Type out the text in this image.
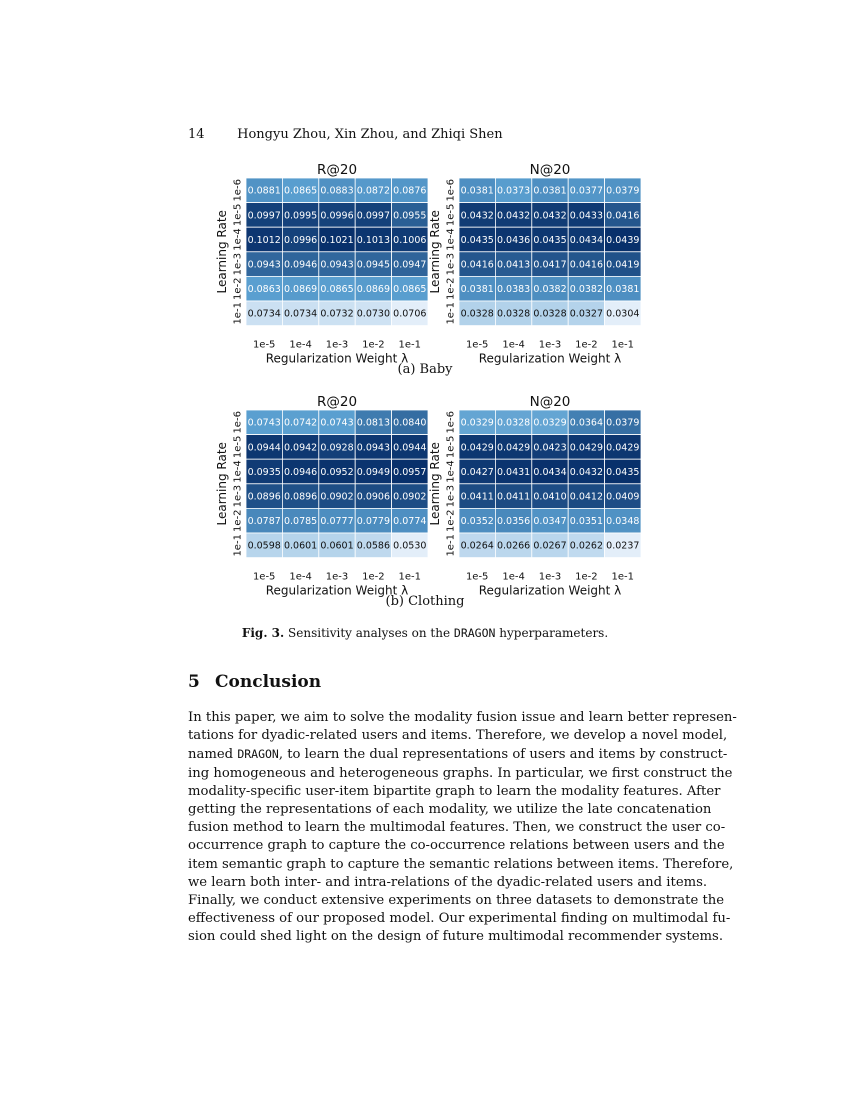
14	Hongyu Zhou, Xin Zhou, and Zhiqi Shen
R@20
0.0881 0.0865 0.0883 0.0872 0.0876
0.0997 0.0995 0.0996 0.0997 0.0955
0.1012 0.0996 0.1021 0.1013 0.1006
0.0943 0.0946 0.0943 0.0945 0.0947
0.0863 0.0869 0.0865 0.0869 0.0865
0.0734 0.0734 0.0732 0.0730 0.0706
1e-6
1e-5
1e-4
1e-3
1e-2
1e-1
1e-5 1e-4 1e-3 1e-2 1e-1
Regularization Weight λ
Learning Rate
N@20
0.0381 0.0373 0.0381 0.0377 0.0379
0.0432 0.0432 0.0432 0.0433 0.0416
0.0435 0.0436 0.0435 0.0434 0.0439
0.0416 0.0413 0.0417 0.0416 0.0419
0.0381 0.0383 0.0382 0.0382 0.0381
0.0328 0.0328 0.0328 0.0327 0.0304
1e-6
1e-5
1e-4
1e-3
1e-2
1e-1
1e-5 1e-4 1e-3 1e-2 1e-1
Regularization Weight λ
Learning Rate
(a) Baby
R@20
0.0743 0.0742 0.0743 0.0813 0.0840
0.0944 0.0942 0.0928 0.0943 0.0944
0.0935 0.0946 0.0952 0.0949 0.0957
0.0896 0.0896 0.0902 0.0906 0.0902
0.0787 0.0785 0.0777 0.0779 0.0774
0.0598 0.0601 0.0601 0.0586 0.0530
1e-6
1e-5
1e-4
1e-3
1e-2
1e-1
1e-5 1e-4 1e-3 1e-2 1e-1
Regularization Weight λ
Learning Rate
N@20
0.0329 0.0328 0.0329 0.0364 0.0379
0.0429 0.0429 0.0423 0.0429 0.0429
0.0427 0.0431 0.0434 0.0432 0.0435
0.0411 0.0411 0.0410 0.0412 0.0409
0.0352 0.0356 0.0347 0.0351 0.0348
0.0264 0.0266 0.0267 0.0262 0.0237
1e-6
1e-5
1e-4
1e-3
1e-2
1e-1
1e-5 1e-4 1e-3 1e-2 1e-1
Regularization Weight λ
Learning Rate
(b) Clothing
Fig. 3. Sensitivity analyses on the DRAGON hyperparameters.
5 Conclusion
In this paper, we aim to solve the modality fusion issue and learn better represen-
tations for dyadic-related users and items. Therefore, we develop a novel model,
named DRAGON, to learn the dual representations of users and items by construct-
ing homogeneous and heterogeneous graphs. In particular, we first construct the
modality-specific user-item bipartite graph to learn the modality features. After
getting the representations of each modality, we utilize the late concatenation
fusion method to learn the multimodal features. Then, we construct the user co-
occurrence graph to capture the co-occurrence relations between users and the
item semantic graph to capture the semantic relations between items. Therefore,
we learn both inter- and intra-relations of the dyadic-related users and items.
Finally, we conduct extensive experiments on three datasets to demonstrate the
effectiveness of our proposed model. Our experimental finding on multimodal fu-
sion could shed light on the design of future multimodal recommender systems.
